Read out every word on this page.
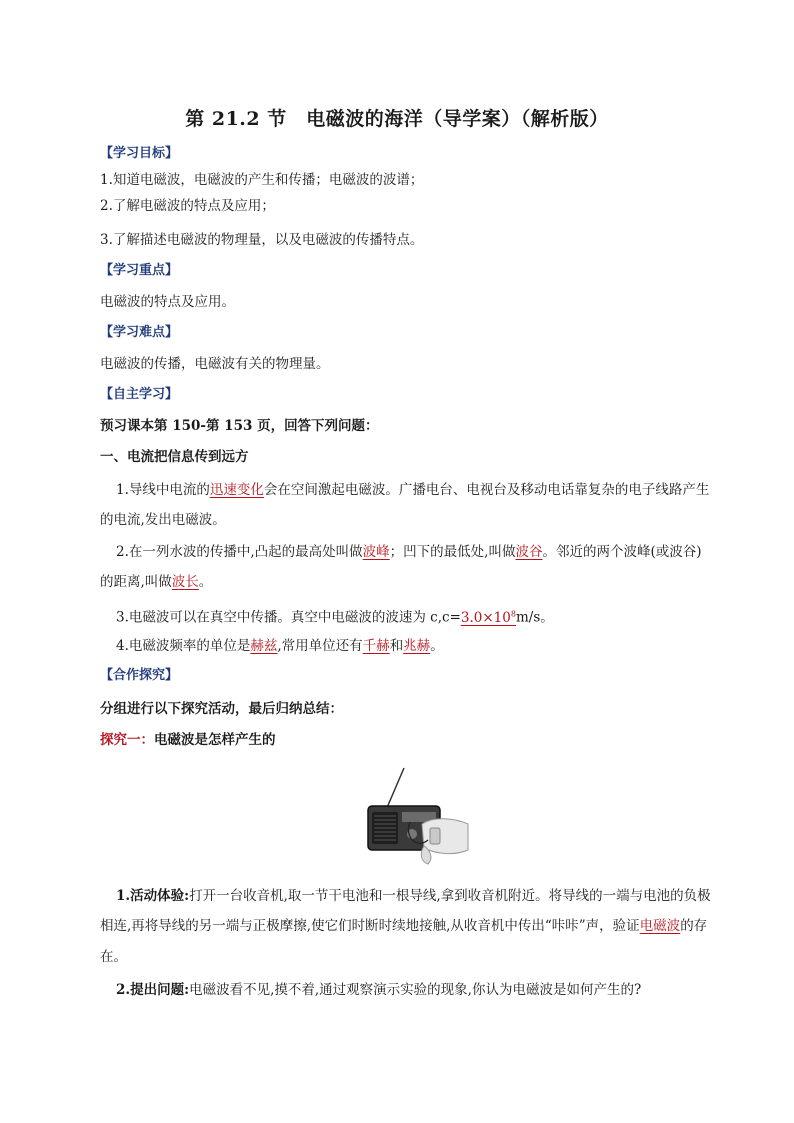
第 21.2 节　电磁波的海洋（导学案）（解析版）
【学习目标】
1.知道电磁波，电磁波的产生和传播；电磁波的波谱；
2.了解电磁波的特点及应用；
3.了解描述电磁波的物理量，以及电磁波的传播特点。
【学习重点】
电磁波的特点及应用。
【学习难点】
电磁波的传播，电磁波有关的物理量。
【自主学习】
预习课本第 150-第 153 页，回答下列问题：
一、电流把信息传到远方
1.导线中电流的迅速变化会在空间激起电磁波。广播电台、电视台及移动电话靠复杂的电子线路产生
的电流,发出电磁波。
2.在一列水波的传播中,凸起的最高处叫做波峰；凹下的最低处,叫做波谷。邻近的两个波峰(或波谷)
的距离,叫做波长。
3.电磁波可以在真空中传播。真空中电磁波的波速为 $c,c=3.0\times 10^8m/s$。
4.电磁波频率的单位是赫兹,常用单位还有千赫和兆赫。
【合作探究】
分组进行以下探究活动，最后归纳总结：
探究一：电磁波是怎样产生的
1.活动体验:打开一台收音机,取一节干电池和一根导线,拿到收音机附近。将导线的一端与电池的负极
相连,再将导线的另一端与正极摩擦,使它们时断时续地接触,从收音机中传出“咔咔”声，验证电磁波的存
在。
2.提出问题:电磁波看不见,摸不着,通过观察演示实验的现象,你认为电磁波是如何产生的?
